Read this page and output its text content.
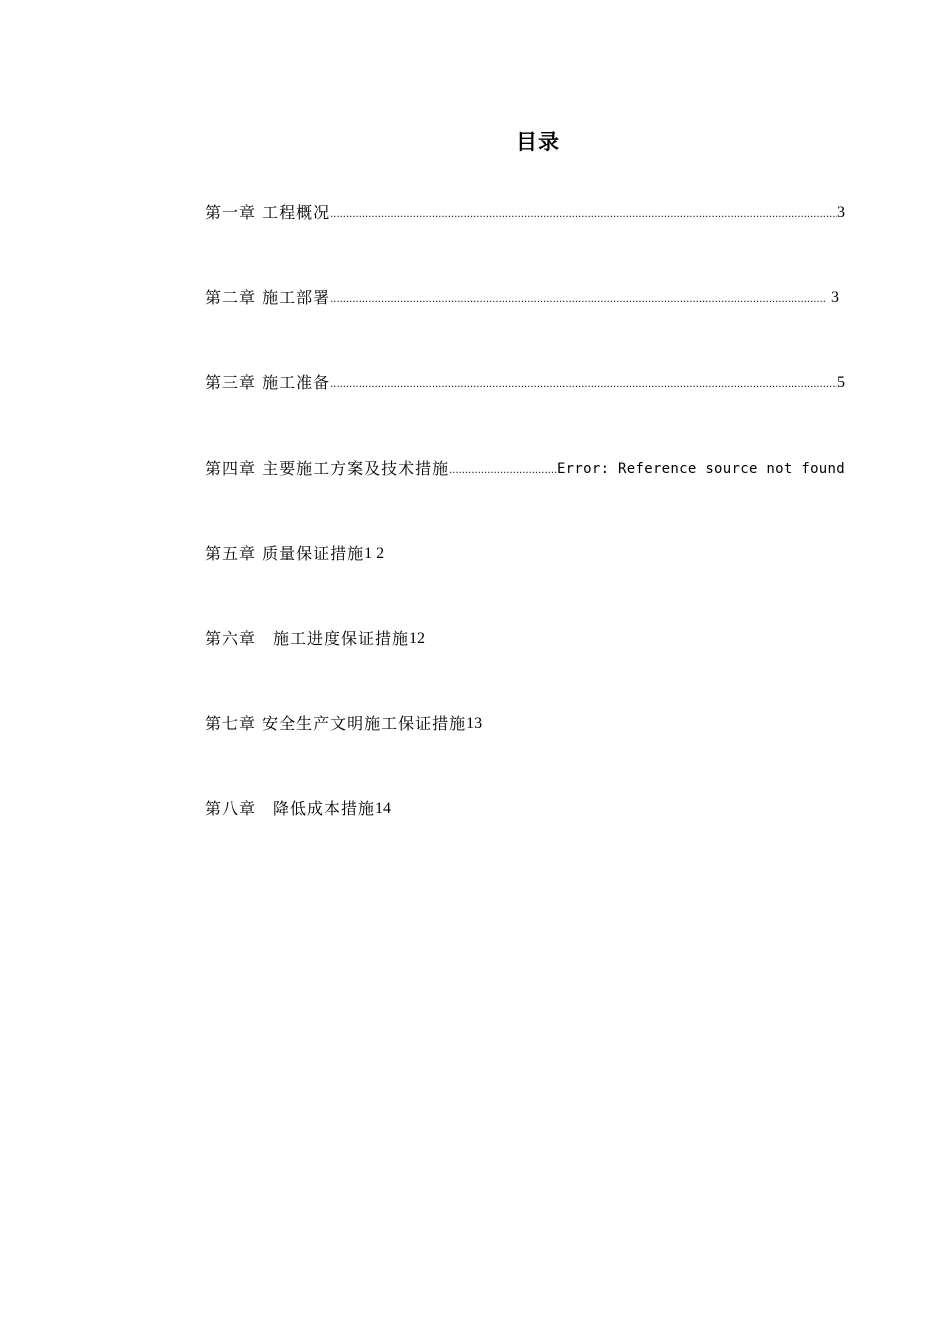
目录
第一章 工程概况 .....	3
第二章 施工部署 .....	3
第三章 施工准备 .....	5
第四章 主要施工方案及技术措施 .....	Error: Reference source not found
第五章 质量保证措施 1 2
第六章　施工进度保证措施 12
第七章 安全生产文明施工保证措施 13
第八章　降低成本措施 14
